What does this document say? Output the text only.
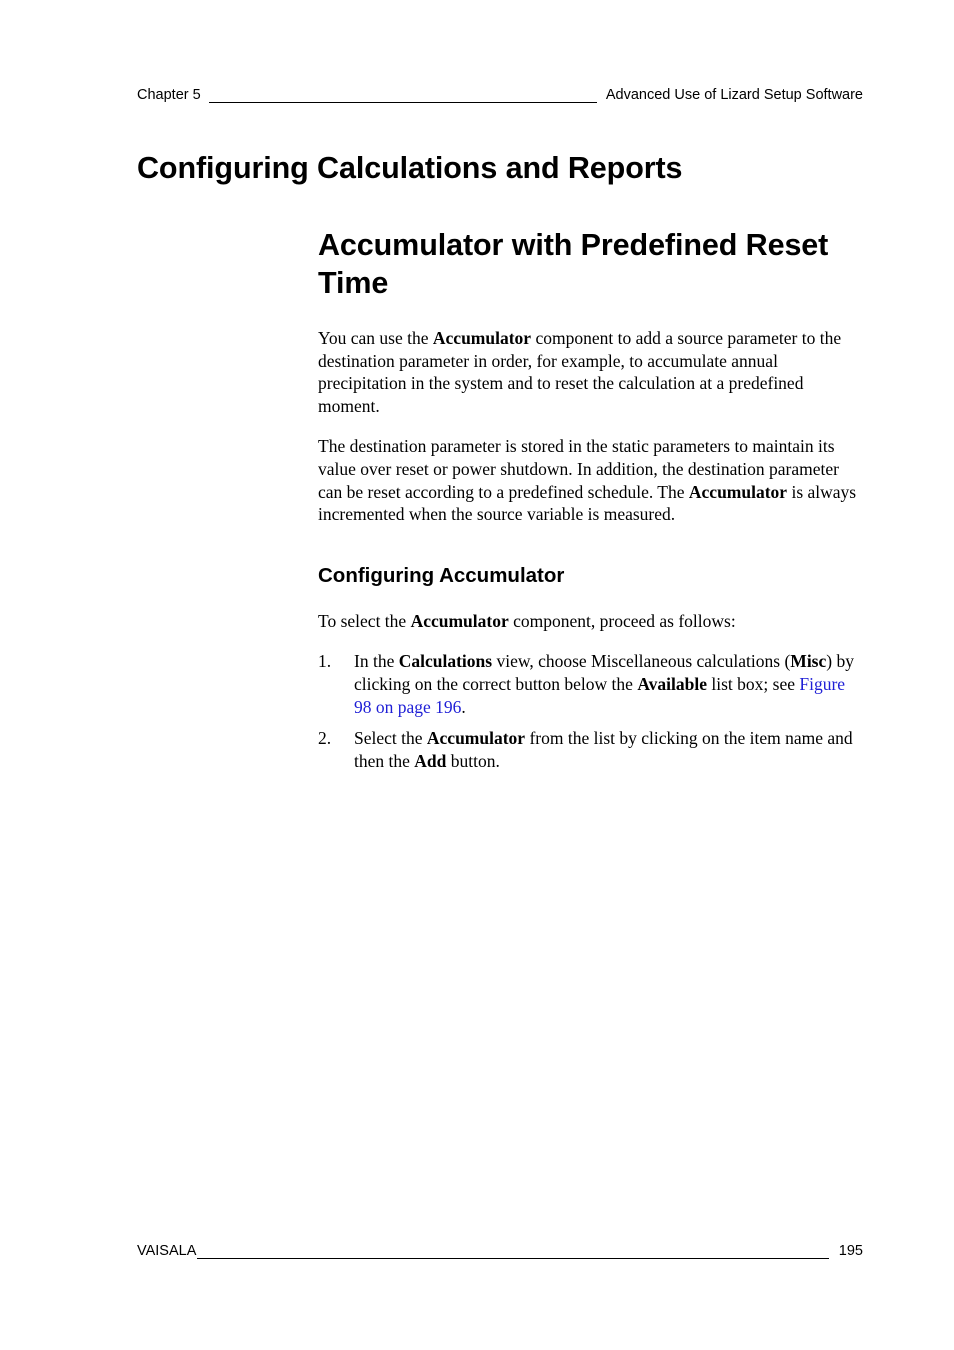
Chapter 5	Advanced Use of Lizard Setup Software
Configuring Calculations and Reports
Accumulator with Predefined Reset Time

You can use the Accumulator component to add a source parameter to the destination parameter in order, for example, to accumulate annual precipitation in the system and to reset the calculation at a predefined moment.

The destination parameter is stored in the static parameters to maintain its value over reset or power shutdown. In addition, the destination parameter can be reset according to a predefined schedule. The Accumulator is always incremented when the source variable is measured.

Configuring Accumulator

To select the Accumulator component, proceed as follows:

1. In the Calculations view, choose Miscellaneous calculations (Misc) by clicking on the correct button below the Available list box; see Figure 98 on page 196.
2. Select the Accumulator from the list by clicking on the item name and then the Add button.
VAISALA	195
